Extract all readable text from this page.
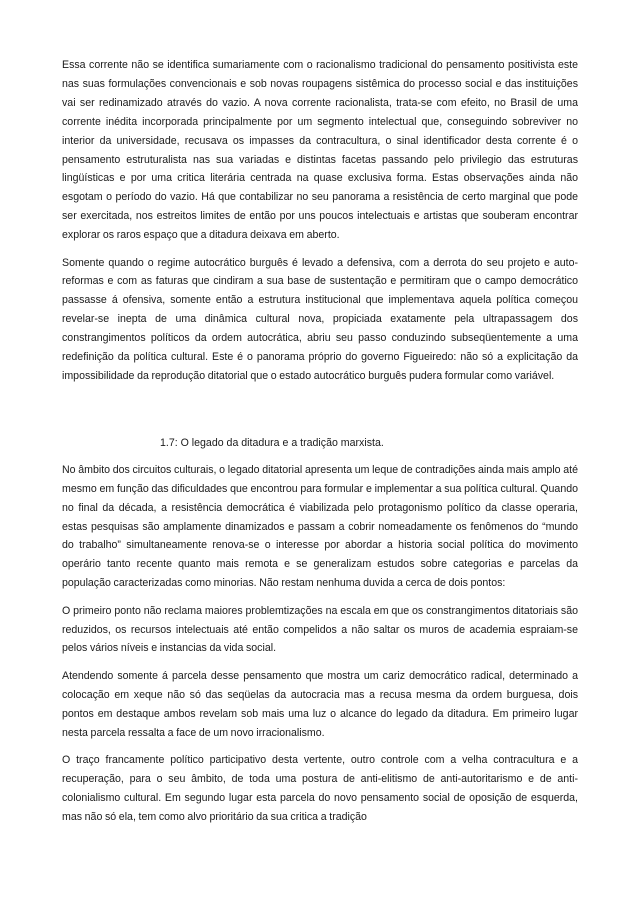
Essa corrente não se identifica sumariamente com o racionalismo tradicional do pensamento positivista este nas suas formulações convencionais e sob novas roupagens sistêmica do processo social e das instituições vai ser redinamizado através do vazio. A nova corrente racionalista, trata-se com efeito, no Brasil de uma corrente inédita incorporada principalmente por um segmento intelectual que, conseguindo sobreviver no interior da universidade, recusava os impasses da contracultura, o sinal identificador desta corrente é o pensamento estruturalista nas sua variadas e distintas facetas passando pelo privilegio das estruturas lingüísticas e por uma critica literária centrada na quase exclusiva forma. Estas observações ainda não esgotam o período do vazio. Há que contabilizar no seu panorama a resistência de certo marginal que pode ser exercitada, nos estreitos limites de então por uns poucos intelectuais e artistas que souberam encontrar explorar os raros espaço que a ditadura deixava em aberto.

Somente quando o regime autocrático burguês é levado a defensiva, com a derrota do seu projeto e auto-reformas e com as faturas que cindiram a sua base de sustentação e permitiram que o campo democrático passasse á ofensiva, somente então a estrutura institucional que implementava aquela política começou revelar-se inepta de uma dinâmica cultural nova, propiciada exatamente pela ultrapassagem dos constrangimentos políticos da ordem autocrática, abriu seu passo conduzindo subseqüentemente a uma redefinição da política cultural. Este é o panorama próprio do governo Figueiredo: não só a explicitação da impossibilidade da reprodução ditatorial que o estado autocrático burguês pudera formular como variável.

1.7: O legado da ditadura e a tradição marxista.

No âmbito dos circuitos culturais, o legado ditatorial apresenta um leque de contradições ainda mais amplo até mesmo em função das dificuldades que encontrou para formular e implementar a sua política cultural. Quando no final da década, a resistência democrática é viabilizada pelo protagonismo político da classe operaria, estas pesquisas são amplamente dinamizados e passam a cobrir nomeadamente os fenômenos do “mundo do trabalho” simultaneamente renova-se o interesse por abordar a historia social política do movimento operário tanto recente quanto mais remota e se generalizam estudos sobre categorias e parcelas da população caracterizadas como minorias. Não restam nenhuma duvida a cerca de dois pontos:

O primeiro ponto não reclama maiores problemtizações na escala em que os constrangimentos ditatoriais são reduzidos, os recursos intelectuais até então compelidos a não saltar os muros de academia espraiam-se pelos vários níveis e instancias da vida social.

Atendendo somente á parcela desse pensamento que mostra um cariz democrático radical, determinado a colocação em xeque não só das seqüelas da autocracia mas a recusa mesma da ordem burguesa, dois pontos em destaque ambos revelam sob mais uma luz o alcance do legado da ditadura. Em primeiro lugar nesta parcela ressalta a face de um novo irracionalismo.

O traço francamente político participativo desta vertente, outro controle com a velha contracultura e a recuperação, para o seu âmbito, de toda uma postura de anti-elitismo de anti-autoritarismo e de anti-colonialismo cultural. Em segundo lugar esta parcela do novo pensamento social de oposição de esquerda, mas não só ela, tem como alvo prioritário da sua critica a tradição
